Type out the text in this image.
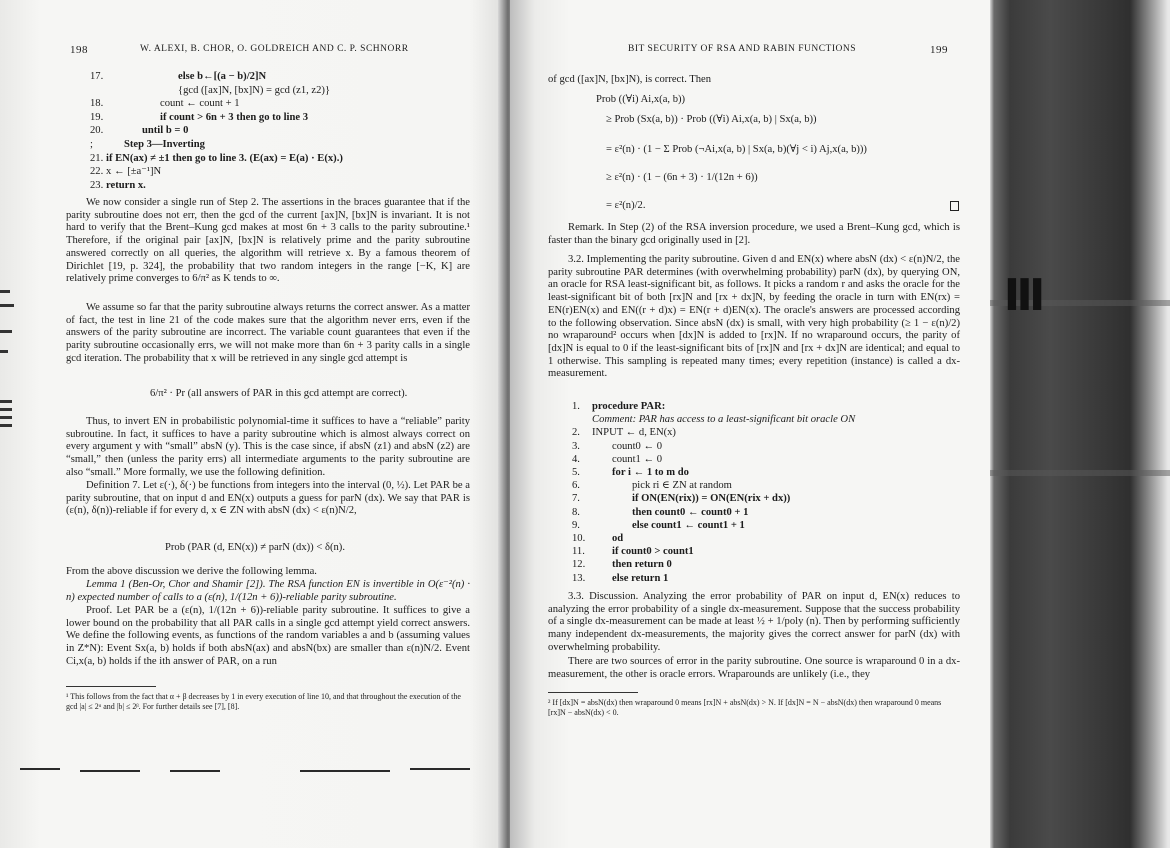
198	W. ALEXI, B. CHOR, O. GOLDREICH AND C. P. SCHNORR
17.	else b←[(a − b)/2]N
{gcd ([ax]N, [bx]N) = gcd (z1, z2)}
18.	count ← count + 1
19.	if count > 6n + 3 then go to line 3
20.	until b = 0
;	Step 3—Inverting
21. if EN(ax) ≠ ±1 then go to line 3. (E(ax) = E(a) · E(x).)
22. x ← [±a⁻¹]N
23. return x.
We now consider a single run of Step 2. The assertions in the braces guarantee that if the parity subroutine does not err, then the gcd of the current [ax]N, [bx]N is invariant. It is not hard to verify that the Brent–Kung gcd makes at most 6n + 3 calls to the parity subroutine.¹ Therefore, if the original pair [ax]N, [bx]N is relatively prime and the parity subroutine answered correctly on all queries, the algorithm will retrieve x. By a famous theorem of Dirichlet [19, p. 324], the probability that two random integers in the range [−K, K] are relatively prime converges to 6/π² as K tends to ∞.
We assume so far that the parity subroutine always returns the correct answer. As a matter of fact, the test in line 21 of the code makes sure that the algorithm never errs, even if the answers of the parity subroutine are incorrect. The variable count guarantees that even if the parity subroutine occasionally errs, we will not make more than 6n + 3 parity calls in a single gcd iteration. The probability that x will be retrieved in any single gcd attempt is
6/π² · Pr (all answers of PAR in this gcd attempt are correct).
Thus, to invert EN in probabilistic polynomial-time it suffices to have a “reliable” parity subroutine. In fact, it suffices to have a parity subroutine which is almost always correct on every argument y with “small” absN (y). This is the case since, if absN (z1) and absN (z2) are “small,” then (unless the parity errs) all intermediate arguments to the parity subroutine are also “small.” More formally, we use the following definition.
Definition 7. Let ε(·), δ(·) be functions from integers into the interval (0, ½). Let PAR be a parity subroutine, that on input d and EN(x) outputs a guess for parN (dx). We say that PAR is (ε(n), δ(n))-reliable if for every d, x ∈ ZN with absN (dx) < ε(n)N/2,
Prob (PAR (d, EN(x)) ≠ parN (dx)) < δ(n).
From the above discussion we derive the following lemma.
Lemma 1 (Ben-Or, Chor and Shamir [2]). The RSA function EN is invertible in O(ε⁻²(n) · n) expected number of calls to a (ε(n), 1/(12n + 6))-reliable parity subroutine.
Proof. Let PAR be a (ε(n), 1/(12n + 6))-reliable parity subroutine. It suffices to give a lower bound on the probability that all PAR calls in a single gcd attempt yield correct answers. We define the following events, as functions of the random variables a and b (assuming values in Z*N): Event Sx(a, b) holds if both absN(ax) and absN(bx) are smaller than ε(n)N/2. Event Ci,x(a, b) holds if the ith answer of PAR, on a run
¹ This follows from the fact that α + β decreases by 1 in every execution of line 10, and that throughout the execution of the gcd |a| ≤ 2ᵅ and |b| ≤ 2ᵝ. For further details see [7], [8].
BIT SECURITY OF RSA AND RABIN FUNCTIONS	199
of gcd ([ax]N, [bx]N), is correct. Then
Prob ((∀i) Ai,x(a, b))
≥ Prob (Sx(a, b)) · Prob ((∀i) Ai,x(a, b) | Sx(a, b))
= ε²(n) · (1 − Σ Prob (¬Ai,x(a, b) | Sx(a, b)(∀j < i) Aj,x(a, b)))
≥ ε²(n) · (1 − (6n + 3) · 1/(12n + 6))
= ε²(n)/2.
Remark. In Step (2) of the RSA inversion procedure, we used a Brent–Kung gcd, which is faster than the binary gcd originally used in [2].
3.2. Implementing the parity subroutine. Given d and EN(x) where absN (dx) < ε(n)N/2, the parity subroutine PAR determines (with overwhelming probability) parN (dx), by querying ON, an oracle for RSA least-significant bit, as follows. It picks a random r and asks the oracle for the least-significant bit of both [rx]N and [rx + dx]N, by feeding the oracle in turn with EN(rx) = EN(r)EN(x) and EN((r + d)x) = EN(r + d)EN(x). The oracle's answers are processed according to the following observation. Since absN (dx) is small, with very high probability (≥ 1 − ε(n)/2) no wraparound² occurs when [dx]N is added to [rx]N. If no wraparound occurs, the parity of [dx]N is equal to 0 if the least-significant bits of [rx]N and [rx + dx]N are identical; and equal to 1 otherwise. This sampling is repeated many times; every repetition (instance) is called a dx-measurement.
1. procedure PAR:
Comment: PAR has access to a least-significant bit oracle ON
2. INPUT ← d, EN(x)
3.	count0 ← 0
4.	count1 ← 0
5.	for i ← 1 to m do
6.	pick ri ∈ ZN at random
7.	if ON(EN(rix)) = ON(EN(rix + dx))
8.	then count0 ← count0 + 1
9.	else count1 ← count1 + 1
10.	od
11.	if count0 > count1
12.	then return 0
13.	else return 1
3.3. Discussion. Analyzing the error probability of PAR on input d, EN(x) reduces to analyzing the error probability of a single dx-measurement. Suppose that the success probability of a single dx-measurement can be made at least ½ + 1/poly (n). Then by performing sufficiently many independent dx-measurements, the majority gives the correct answer for parN (dx) with overwhelming probability.
There are two sources of error in the parity subroutine. One source is wraparound 0 in a dx-measurement, the other is oracle errors. Wraparounds are unlikely (i.e., they
² If [dx]N = absN(dx) then wraparound 0 means [rx]N + absN(dx) > N. If [dx]N = N − absN(dx) then wraparound 0 means [rx]N − absN(dx) < 0.
Ⅲ
